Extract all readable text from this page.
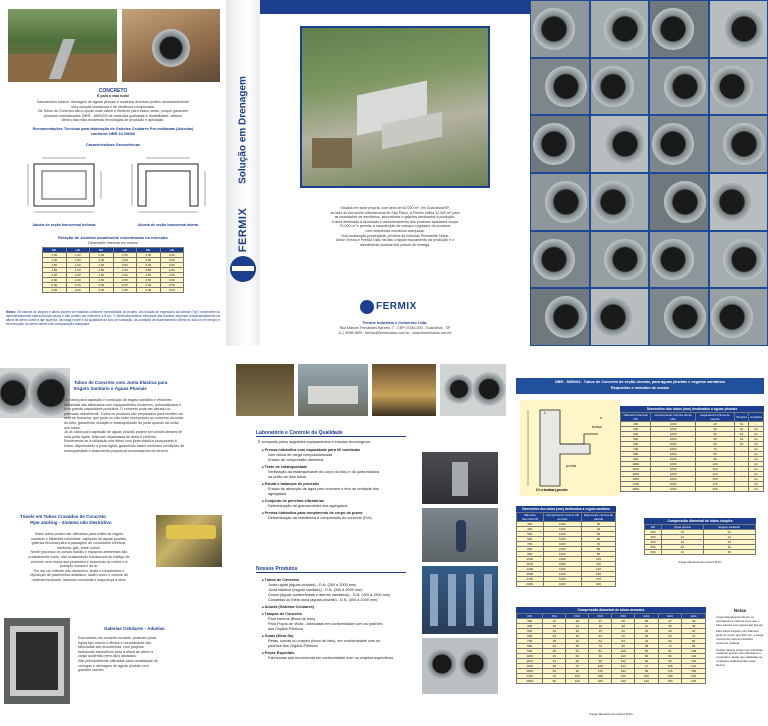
CONCRETO
É para a vida toda!
Saneamento básico, drenagem de águas pluviais e condutos diversos podem necessariamente
uma solução duradoura e de eficiência comprovada.
Os Tubos de Concreto são a opção mais viável e eficiente para esses obras, porque garantem
produtos normatizados (NBR - 8890/03) de mais alta qualidade e durabilidade, obtidos
dentro das mais modernas tecnologias de produção e aplicação.
Recomendações Técnicas para fabricação de Galerias Celulares Pré-moldadas (Aduelas)
conforme NBR 15.396/06
Características Geométricas
Aduela de seção transversal fechada	Aduela de seção transversal aberta
Relação de Aduelas usualmente encontradas no mercado
Dimensões internas em metros
BR	HR	BR	HR	BR	HR
1,00	1,00	2,00	1,50	3,00	2,00
1,00	1,50	2,00	2,00	3,00	2,50
1,50	1,00	2,00	2,50	3,00	3,00
1,50	1,50	2,50	1,50	3,50	2,00
1,50	2,00	2,50	2,00	3,50	2,50
2,00	1,00	2,50	2,50	3,50	3,00
2,00	1,50	2,50	3,00	4,00	2,50
2,50	2,00	3,00	1,50	4,00	3,00
Notas: Os valores de largura e altura podem ser tratados conforme necessidade do projeto. As mísulas de espessura da parede ("ep") dependem do dimensionamento estrutural das peças e não podem ser inferiores a 8 cm. O dimensionamento estrutural das Aduelas depende fundamentalmente da altura de aterro sobre a laje superior, da carga móvel e da qualidade do solo de fundação, da condição de assentamento (direto no solo ou em berço) e da execução do aterro lateral com compactação adequada.
FERMIX
Solução em Drenagem
Situada em sede própria, com área de 62.000 m², em Guarulhos/SP,
ao lado do Aeroporto Internacional de São Paulo, a Fermix utiliza 12.000 m² para
as instalações de escritórios, laboratórios e galpões destinados à produção.
A área destinada à circulação e armazenamento dos produtos acabados ocupa
70.000 m² e permite a manutenção de estoque regulador de produtos
com resistência mecânica adequada.
Sua localização privilegiada, próxima às rodovias Presidente Dutra,
Airton Senna e Fernão Dias, facilita o rápido escoamento da produção e o
atendimento pontual dos prazos de entrega.
FERMIX
Fermix Indústria e Comércio Ltda.
Rua Manoel Fernandes Barreto, 7 - CEP 07340-000 - Guarulhos - SP
11 | 4098-2800 · fermix@fermixtubos.com.br · www.fermixtubos.com.br
Tubos de Concreto com Junta Elástica para
Esgoto Sanitário e Águas Pluviais
Os tubos para captação e condução de esgoto sanitário e efluentes
industriais são fabricados com equipamentos modernos, automatizados e
com grande capacidade produtiva. O concreto pode ser vibrado ou
prensado radialmente. Todos os produtos são preparados para receber um
anel de borracha, que pode ou não estar incorporado ao concreto da bolsa
do tubo, garantindo vedação e estanqueidade da junta quando da união
dos tubos.
Já os tubos para captação de águas pluviais podem ser unidos através de
uma junta rígida, feita com argamassa de areia e cimento.
Recomenda-se a utilização dos tubos com junta elástica incorporada à
bolsa, dispensando a junta rígida, garantindo assim melhores condições de
estanqueidade e absorvendo pequenos acomodações do terreno.
Túnels em Tubos Cravados de Concreto
Pipe Jacking - Sistema não Destrutivo
Estes tubos podem ser utilizados para coleta de esgoto
sanitário e efluentes industriais, captação de águas pluviais,
galerias técnicas para a passagem de condutores elétricos,
telefonia, gás, entre outros.
Neste processo os cursos sociais e impactos ambientais são
praticamente nulos, não ocasionando transtornos ao tráfego de
veículos nem riscos aos pedestres e reduzindo os ruídos e a
poluição sonora e do ar.
Por ser um método não destrutivo, limita o rompimento e
reposição de pavimentos asfálticos, assim como o volume de
material escavado, trazendo economia e segurança à obra.
Galerias Celulares - Aduelas
Executadas em concreto armado, possuem junta
rígida tipo macho e fêmea e normalmente são
fabricadas sob encomenda, com projetos
estruturais específicos para a altura de aterro e
carga acidental (trem-tipo) adotados.
São principalmente utilizadas para canalização de
córregos e drenagem de águas pluviais com
grandes vazões.
Laboratório e Controle de Qualidade
É composto pelos seguintes equipamentos e ensaios tecnológicos:
■ Prensa hidráulica com capacidade para 60 toneladas
com célula de carga computadorizada
Ensaio de compressão diametral
■ Teste de estanqueidade
Verificação da estanqueidade do corpo do tubo e da junta elástica
na união de dois tubos
■ Estufa e balanças de precisão
Ensaio de absorção de água pelo concreto e teor de umidade dos
agregados
■ Conjunto de peneiras vibratórias
Determinação da granulometria dos agregados
■ Prensa hidráulica para rompimento de corpo de prova
Determinação da resistência à compressão do concreto (Fck)
Nossos Produtos
■ Tubos de Concreto
Junta rígida (águas pluviais) - D.N. (300 a 2000 mm)
Junta elástica (esgoto sanitário) - D.N. (300 a 2000 mm)
Ovoos (águas subterrâneas e aterros sanitários) - D.N. (300 a 1500 mm)
Canaletas ou Meia cana (águas pluviais) - D.N. (300 a 1000 mm)
■ Aduela (Galerias Celulares)
■ Tampas de Concreto
Para bueiros (Boca de lobo)
Para Poços de Visita - fabricadas em conformidade com os padrões
dos Órgãos Públicos
■ Guias (Meio-fio)
Retas, curvas ou chapéu (boca de lobo), em conformidade com os
padrões dos Órgãos Públicos
■ Peças Especiais
Fabricadas sob encomenda em conformidade com os projetos específicos
NBR - 8890/03 - Tubos de Concreto de seção circular, para águas pluviais e esgotos sanitários
Requisitos e métodos de ensaio
bolsa
ponta
e
L
Di = bolsa | ponta
Dimensões dos tubos (mm) destinados a águas pluviais
Diâmetro Nominal DN	Comprimento mínimo útil do tubo	Espessura mínima de parede	Simples	Armados
200	1000	20	S1	-
300	1000	30	S1	A1
400	1000	40	S1	A1
500	1000	50	S1	A1
600	1000	60	S1	A1
700	1000	70	-	A1
800	1000	80	-	A1
900	1000	90	-	A1
1000	1000	100	-	A1
1100	1000	110	-	A1
1200	1000	120	-	A1
1500	1000	150	-	A1
1750	1000	175	-	A1
2000	1000	200	-	A1
Dimensões dos tubos (mm) destinados a esgoto sanitário
Diâmetro Nominal DN	Comprimento mínimo útil do tubo	Espessura mínima de parede
300	1000	30
400	1000	40
500	1000	50
600	1000	60
700	1000	70
800	1000	80
900	1000	90
1000	1000	100
1100	1000	110
1200	1000	120
1500	1000	150
1750	1000	175
2000	1000	200
Compressão diametral de tubos simples
DN	Água pluvial	Esgoto sanitário
200	16	24
300	16	24
400	16	24
500	20	30
600	24	36
Carga diametral de ruptura kN/m
Compressão diametral de tubos armados
DN	PA1	PA2	PA3	PA4	EA2	EA3	EA4
300	12	18	27	36	18	27	36
400	16	24	36	48	24	36	48
500	20	30	45	60	30	45	60
600	24	36	54	72	36	54	72
700	28	42	63	84	42	63	84
800	32	48	72	96	48	72	96
900	36	54	81	108	54	81	108
1000	40	60	90	120	60	90	120
1100	44	66	99	132	66	99	132
1200	48	72	108	144	72	108	144
1500	60	90	135	180	90	135	180
1750	70	105	158	210	105	158	210
2000	80	120	180	240	120	180	240
Carga diametral de ruptura kN/m
Notas
Carga diametral de fissura ou equivalente à máxima força que o tubo suporta sem apresentar fissura.
Para tubos simples com diâmetro igual ou menor que 600 mm, a carga mínima de ruptura é definida conforme a tabela.
Outras classes podem ser admitidas mediante acordo entre fabricante e comprador, desde que satisfeitas as condições estabelecidas nesta Norma.
